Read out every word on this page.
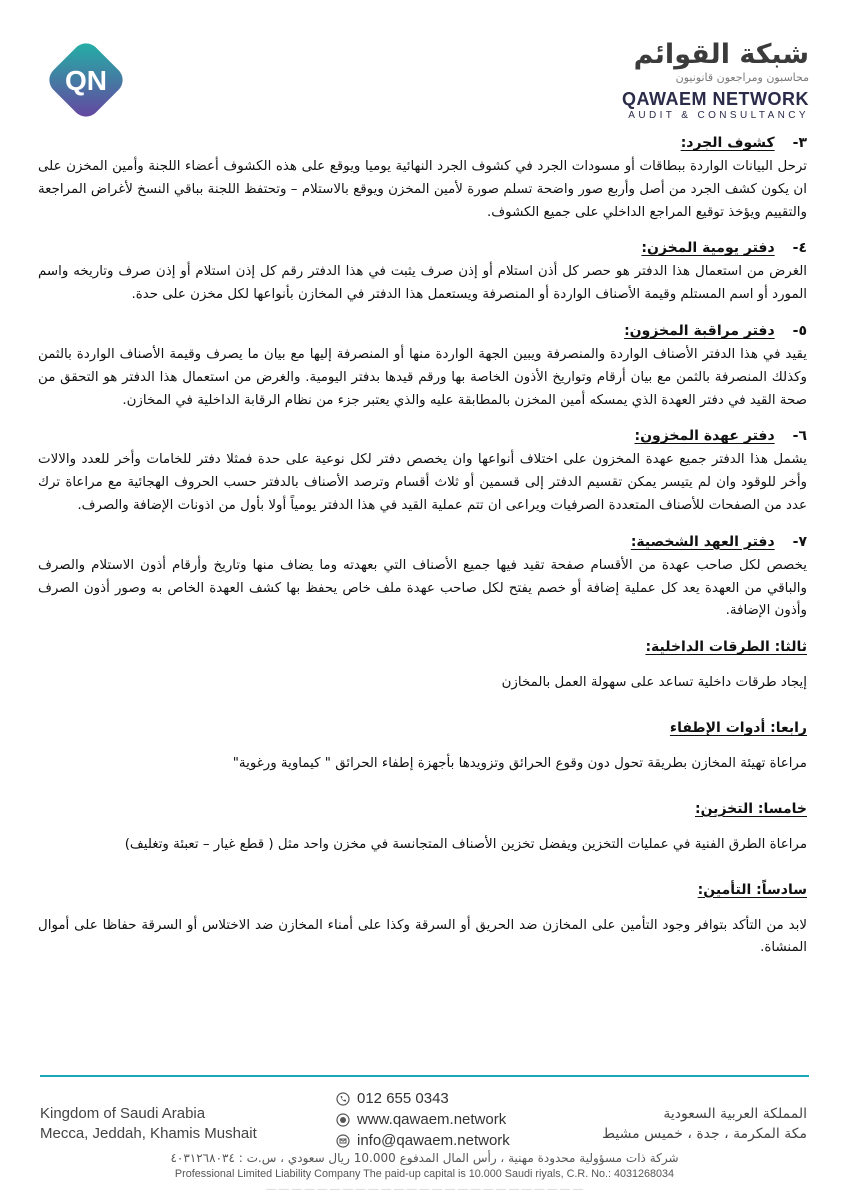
QN
شبكة القوائم
محاسبون ومراجعون قانونيون
QAWAEM NETWORK
AUDIT & CONSULTANCY

٣-كشوف الجرد:

ترحل البيانات الواردة ببطاقات أو مسودات الجرد في كشوف الجرد النهائية يوميا ويوقع على هذه الكشوف أعضاء اللجنة وأمين المخزن على ان يكون كشف الجرد من أصل وأربع صور واضحة تسلم صورة لأمين المخزن ويوقع بالاستلام – وتحتفظ اللجنة بباقي النسخ لأغراض المراجعة والتقييم ويؤخذ توقيع المراجع الداخلي على جميع الكشوف.

٤-دفتر يومية المخزن:

الغرض من استعمال هذا الدفتر هو حصر كل أذن استلام أو إذن صرف يثبت في هذا الدفتر رقم كل إذن استلام أو إذن صرف وتاريخه واسم المورد أو اسم المستلم وقيمة الأصناف الواردة أو المنصرفة ويستعمل هذا الدفتر في المخازن بأنواعها لكل مخزن على حدة.

٥-دفتر مراقبة المخزون:

يقيد في هذا الدفتر الأصناف الواردة والمنصرفة ويبين الجهة الواردة منها أو المنصرفة إليها مع بيان ما يصرف وقيمة الأصناف الواردة بالثمن وكذلك المنصرفة بالثمن مع بيان أرقام وتواريخ الأذون الخاصة بها ورقم قيدها بدفتر اليومية. والغرض من استعمال هذا الدفتر هو التحقق من صحة القيد في دفتر العهدة الذي يمسكه أمين المخزن بالمطابقة عليه والذي يعتبر جزء من نظام الرقابة الداخلية في المخازن.

٦-دفتر عهدة المخزون:

يشمل هذا الدفتر جميع عهدة المخزون على اختلاف أنواعها وان يخصص دفتر لكل نوعية على حدة فمثلا دفتر للخامات وأخر للعدد والالات وأخر للوقود وان لم يتيسر يمكن تقسيم الدفتر إلى قسمين أو ثلاث أقسام وترصد الأصناف بالدفتر حسب الحروف الهجائية مع مراعاة ترك عدد من الصفحات للأصناف المتعددة الصرفيات ويراعى ان تتم عملية القيد في هذا الدفتر يومياً أولا بأول من اذونات الإضافة والصرف.

٧-دفتر العهد الشخصية:

يخصص لكل صاحب عهدة من الأقسام صفحة تقيد فيها جميع الأصناف التي بعهدته وما يضاف منها وتاريخ وأرقام أذون الاستلام والصرف والباقي من العهدة يعد كل عملية إضافة أو خصم يفتح لكل صاحب عهدة ملف خاص يحفظ بها كشف العهدة الخاص به وصور أذون الصرف وأذون الإضافة.

ثالثا: الطرقات الداخلية:

إيجاد طرقات داخلية تساعد على سهولة العمل بالمخازن

رابعا: أدوات الإطفاء

مراعاة تهيئة المخازن بطريقة تحول دون وقوع الحرائق وتزويدها بأجهزة إطفاء الحرائق " كيماوية ورغوية"

خامسا: التخزين:

مراعاة الطرق الفنية في عمليات التخزين ويفضل تخزين الأصناف المتجانسة في مخزن واحد مثل ( قطع غيار – تعبئة وتغليف)

سادساً: التأمين:

لابد من التأكد بتوافر وجود التأمين على المخازن ضد الحريق أو السرقة وكذا على أمناء المخازن ضد الاختلاس أو السرقة حفاظا على أموال المنشاة.

012 655 0343
www.qawaem.network
info@qawaem.network
Kingdom of Saudi Arabia
Mecca, Jeddah, Khamis Mushait
المملكة العربية السعودية
مكة المكرمة ، جدة ، خميس مشيط
شركة ذات مسؤولية محدودة مهنية ، رأس المال المدفوع 10.000 ريال سعودي ، س.ت : ٤٠٣١٢٦٨٠٣٤
Professional Limited Liability Company The paid-up capital is 10.000 Saudi riyals, C.R. No.: 4031268034
— — — — — — — — — — — — — — — — — — — — — — — — —
